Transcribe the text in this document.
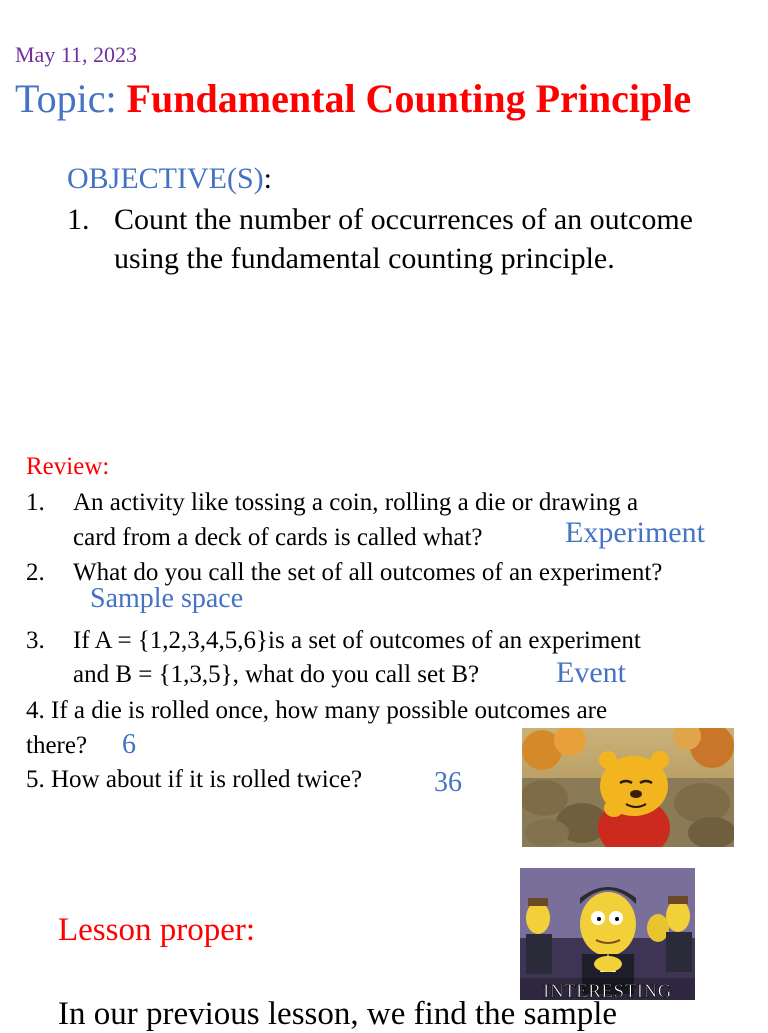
May 11, 2023
Topic: Fundamental Counting Principle
OBJECTIVE(S):
1. Count the number of occurrences of an outcome using the fundamental counting principle.
Review:
1. An activity like tossing a coin, rolling a die or drawing a
card from a deck of cards is called what?	Experiment
2. What do you call the set of all outcomes of an experiment?
Sample space
3. If A = {1,2,3,4,5,6}is a set of outcomes of an experiment
and B = {1,3,5}, what do you call set B?	Event
4. If a die is rolled once, how many possible outcomes are
there? 6
5. How about if it is rolled twice?	36
INTERESTING
Lesson proper:
In our previous lesson, we find the sample
